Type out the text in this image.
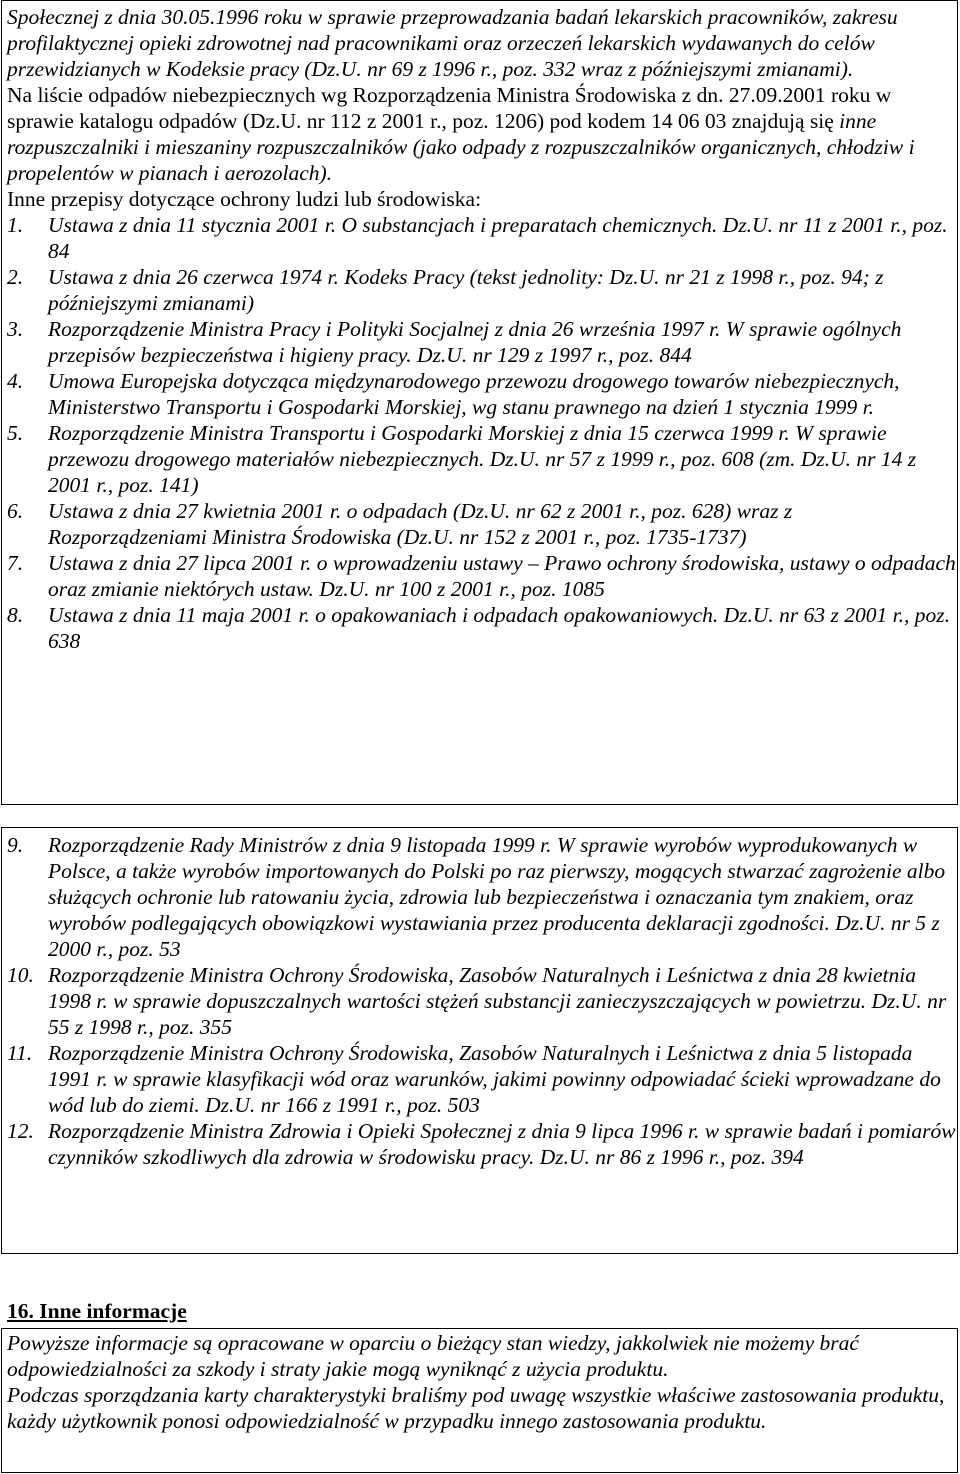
Społecznej z dnia 30.05.1996 roku w sprawie przeprowadzania badań lekarskich pracowników, zakresu profilaktycznej opieki zdrowotnej nad pracownikami oraz orzeczeń lekarskich wydawanych do celów przewidzianych w Kodeksie pracy (Dz.U. nr 69 z 1996 r., poz. 332 wraz z późniejszymi zmianami).

Na liście odpadów niebezpiecznych wg Rozporządzenia Ministra Środowiska z dn. 27.09.2001 roku w sprawie katalogu odpadów (Dz.U. nr 112 z 2001 r., poz. 1206) pod kodem 14 06 03 znajdują się inne rozpuszczalniki i mieszaniny rozpuszczalników (jako odpady z rozpuszczalników organicznych, chłodziw i propelentów w pianach i aerozolach).

Inne przepisy dotyczące ochrony ludzi lub środowiska:

1. Ustawa z dnia 11 stycznia 2001 r. O substancjach i preparatach chemicznych. Dz.U. nr 11 z 2001 r., poz. 84
2. Ustawa z dnia 26 czerwca 1974 r. Kodeks Pracy (tekst jednolity: Dz.U. nr 21 z 1998 r., poz. 94; z późniejszymi zmianami)
3. Rozporządzenie Ministra Pracy i Polityki Socjalnej z dnia 26 września 1997 r. W sprawie ogólnych przepisów bezpieczeństwa i higieny pracy. Dz.U. nr 129 z 1997 r., poz. 844
4. Umowa Europejska dotycząca międzynarodowego przewozu drogowego towarów niebezpiecznych, Ministerstwo Transportu i Gospodarki Morskiej, wg stanu prawnego na dzień 1 stycznia 1999 r.
5. Rozporządzenie Ministra Transportu i Gospodarki Morskiej z dnia 15 czerwca 1999 r. W sprawie przewozu drogowego materiałów niebezpiecznych. Dz.U. nr 57 z 1999 r., poz. 608 (zm. Dz.U. nr 14 z 2001 r., poz. 141)
6. Ustawa z dnia 27 kwietnia 2001 r. o odpadach (Dz.U. nr 62 z 2001 r., poz. 628) wraz z Rozporządzeniami Ministra Środowiska (Dz.U. nr 152 z 2001 r., poz. 1735-1737)
7. Ustawa z dnia 27 lipca 2001 r. o wprowadzeniu ustawy – Prawo ochrony środowiska, ustawy o odpadach oraz zmianie niektórych ustaw. Dz.U. nr 100 z 2001 r., poz. 1085
8. Ustawa z dnia 11 maja 2001 r. o opakowaniach i odpadach opakowaniowych. Dz.U. nr 63 z 2001 r., poz. 638
9. Rozporządzenie Rady Ministrów z dnia 9 listopada 1999 r. W sprawie wyrobów wyprodukowanych w Polsce, a także wyrobów importowanych do Polski po raz pierwszy, mogących stwarzać zagrożenie albo służących ochronie lub ratowaniu życia, zdrowia lub bezpieczeństwa i oznaczania tym znakiem, oraz wyrobów podlegających obowiązkowi wystawiania przez producenta deklaracji zgodności. Dz.U. nr 5 z 2000 r., poz. 53
10. Rozporządzenie Ministra Ochrony Środowiska, Zasobów Naturalnych i Leśnictwa z dnia 28 kwietnia 1998 r. w sprawie dopuszczalnych wartości stężeń substancji zanieczyszczających w powietrzu. Dz.U. nr 55 z 1998 r., poz. 355
11. Rozporządzenie Ministra Ochrony Środowiska, Zasobów Naturalnych i Leśnictwa z dnia 5 listopada 1991 r. w sprawie klasyfikacji wód oraz warunków, jakimi powinny odpowiadać ścieki wprowadzane do wód lub do ziemi. Dz.U. nr 166 z 1991 r., poz. 503
12. Rozporządzenie Ministra Zdrowia i Opieki Społecznej z dnia 9 lipca 1996 r. w sprawie badań i pomiarów czynników szkodliwych dla zdrowia w środowisku pracy. Dz.U. nr 86 z 1996 r., poz. 394
16. Inne informacje

Powyższe informacje są opracowane w oparciu o bieżący stan wiedzy, jakkolwiek nie możemy brać odpowiedzialności za szkody i straty jakie mogą wyniknąć z użycia produktu.

Podczas sporządzania karty charakterystyki braliśmy pod uwagę wszystkie właściwe zastosowania produktu, każdy użytkownik ponosi odpowiedzialność w przypadku innego zastosowania produktu.
